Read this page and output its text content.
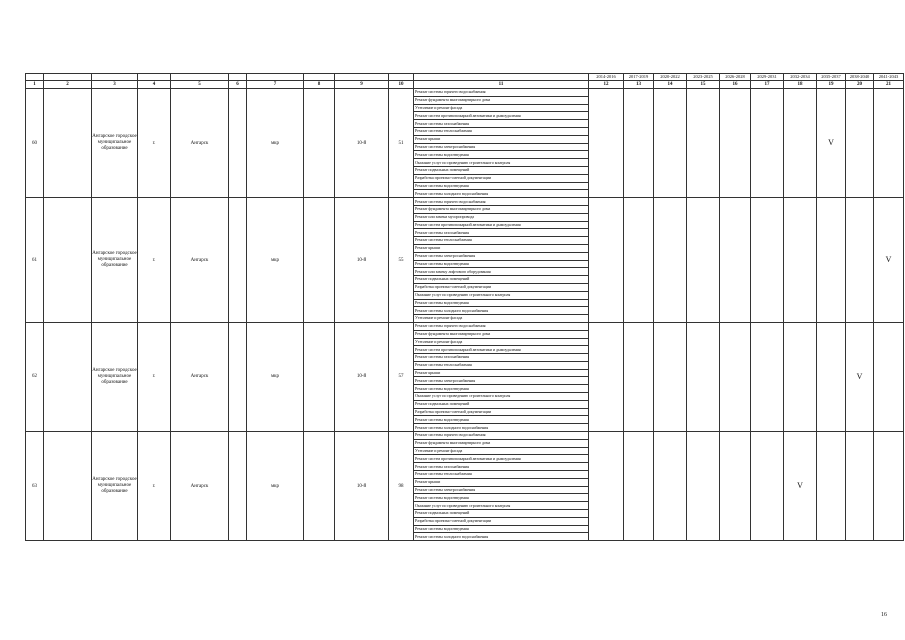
											2014-2016	2017-2019	2020-2022	2023-2025	2026-2028	2029-2031	2032-2034	2035-2037	2038-2040	2041-2043
1	2	3	4	5	6	7	8	9	10	11	12	13	14	15	16	17	18	19	20	21
60		Ангарское городское муниципальное образование	г.	Ангарск		мкр		10-й	51	Ремонт системы горячего водоснабжения								V		
										Ремонт фундамента многоквартирного дома										
										Утепление и ремонт фасада										
										Ремонт систем противопожарной автоматики и дымоудаления										
										Ремонт системы газоснабжения										
										Ремонт системы теплоснабжения										
										Ремонт крыши										
										Ремонт системы электроснабжения										
										Ремонт системы водоотведения										
										Оказание услуг по проведению строительного контроля										
										Ремонт подвальных помещений										
										Разработка проектно-сметной документации										
										Ремонт системы водоотведения										
										Ремонт системы холодного водоснабжения										
61		Ангарское городское муниципальное образование	г.	Ангарск		мкр		10-й	55	Ремонт системы горячего водоснабжения										V
										Ремонт фундамента многоквартирного дома										
										Ремонт или замена мусоропровода										
										Ремонт систем противопожарной автоматики и дымоудаления										
										Ремонт системы газоснабжения										
										Ремонт системы теплоснабжения										
										Ремонт крыши										
										Ремонт системы электроснабжения										
										Ремонт системы водоотведения										
										Ремонт или замену лифтового оборудования										
										Ремонт подвальных помещений										
										Разработка проектно-сметной документации										
										Оказание услуг по проведению строительного контроля										
										Ремонт системы водоотведения										
										Ремонт системы холодного водоснабжения										
										Утепление и ремонт фасада										
62		Ангарское городское муниципальное образование	г.	Ангарск		мкр		10-й	57	Ремонт системы горячего водоснабжения									V	
										Ремонт фундамента многоквартирного дома										
										Утепление и ремонт фасада										
										Ремонт систем противопожарной автоматики и дымоудаления										
										Ремонт системы газоснабжения										
										Ремонт системы теплоснабжения										
										Ремонт крыши										
										Ремонт системы электроснабжения										
										Ремонт системы водоотведения										
										Оказание услуг по проведению строительного контроля										
										Ремонт подвальных помещений										
										Разработка проектно-сметной документации										
										Ремонт системы водоотведения										
										Ремонт системы холодного водоснабжения										
63		Ангарское городское муниципальное образование	г.	Ангарск		мкр		10-й	98	Ремонт системы горячего водоснабжения							V			
										Ремонт фундамента многоквартирного дома										
										Утепление и ремонт фасада										
										Ремонт систем противопожарной автоматики и дымоудаления										
										Ремонт системы газоснабжения										
										Ремонт системы теплоснабжения										
										Ремонт крыши										
										Ремонт системы электроснабжения										
										Ремонт системы водоотведения										
										Оказание услуг по проведению строительного контроля										
										Ремонт подвальных помещений										
										Разработка проектно-сметной документации										
										Ремонт системы водоотведения										
										Ремонт системы холодного водоснабжения										
16
